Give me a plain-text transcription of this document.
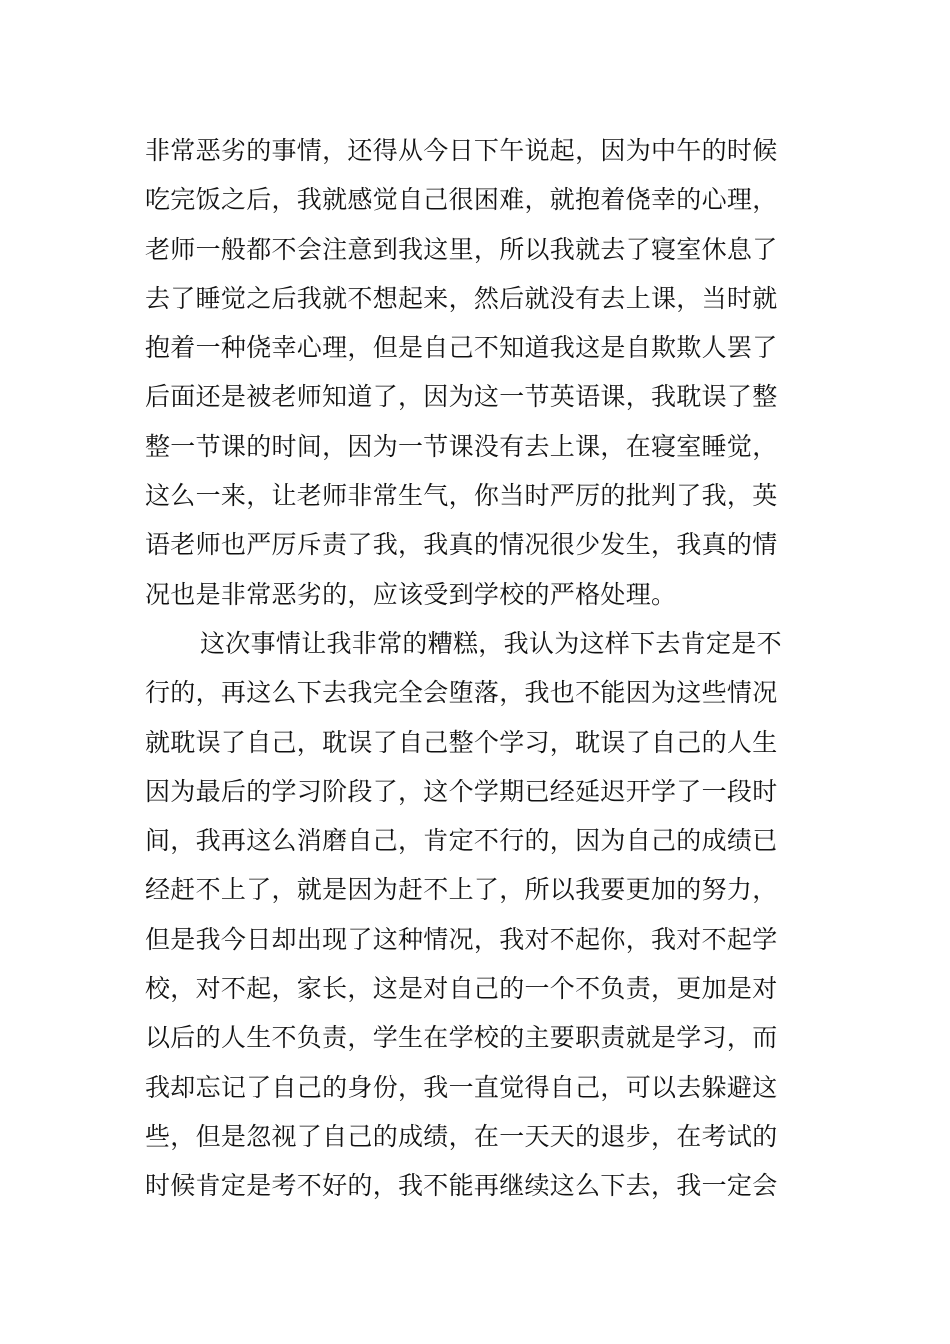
非常恶劣的事情，还得从今日下午说起，因为中午的时候
吃完饭之后，我就感觉自己很困难，就抱着侥幸的心理，
老师一般都不会注意到我这里，所以我就去了寝室休息了
去了睡觉之后我就不想起来，然后就没有去上课，当时就
抱着一种侥幸心理，但是自己不知道我这是自欺欺人罢了
后面还是被老师知道了，因为这一节英语课，我耽误了整
整一节课的时间，因为一节课没有去上课，在寝室睡觉，
这么一来，让老师非常生气，你当时严厉的批判了我，英
语老师也严厉斥责了我，我真的情况很少发生，我真的情
况也是非常恶劣的，应该受到学校的严格处理。
这次事情让我非常的糟糕，我认为这样下去肯定是不
行的，再这么下去我完全会堕落，我也不能因为这些情况
就耽误了自己，耽误了自己整个学习，耽误了自己的人生
因为最后的学习阶段了，这个学期已经延迟开学了一段时
间，我再这么消磨自己，肯定不行的，因为自己的成绩已
经赶不上了，就是因为赶不上了，所以我要更加的努力，
但是我今日却出现了这种情况，我对不起你，我对不起学
校，对不起，家长，这是对自己的一个不负责，更加是对
以后的人生不负责，学生在学校的主要职责就是学习，而
我却忘记了自己的身份，我一直觉得自己，可以去躲避这
些，但是忽视了自己的成绩，在一天天的退步，在考试的
时候肯定是考不好的，我不能再继续这么下去，我一定会
